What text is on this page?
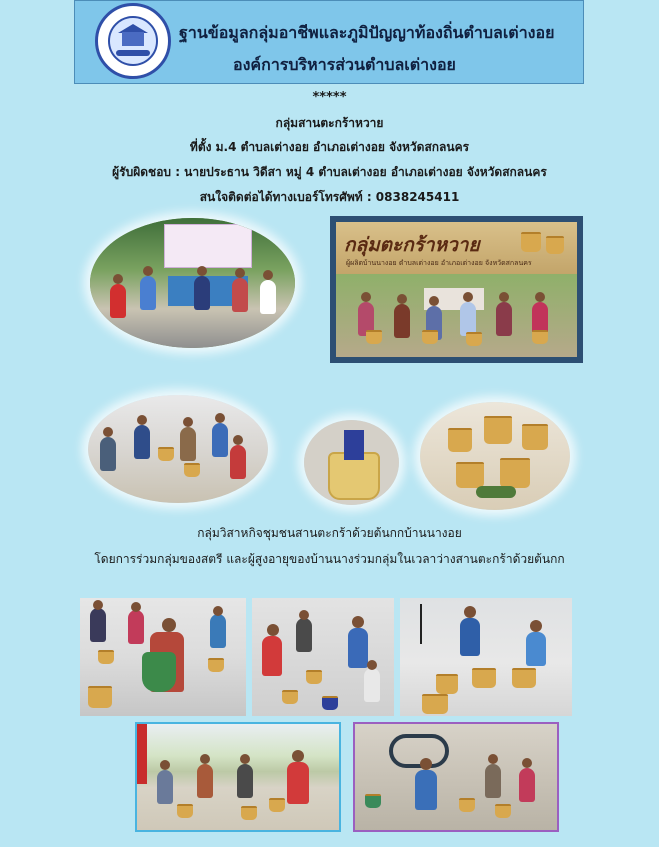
ฐานข้อมูลกลุ่มอาชีพและภูมิปัญญาท้องถิ่นตำบลเต่างอย
องค์การบริหารส่วนตำบลเต่างอย
*****
กลุ่มสานตะกร้าหวาย
ที่ตั้ง ม.4 ตำบลเต่างอย อำเภอเต่างอย จังหวัดสกลนคร
ผู้รับผิดชอบ : นายประธาน วิดีสา หมู่ 4 ตำบลเต่างอย อำเภอเต่างอย จังหวัดสกลนคร
สนใจติดต่อได้ทางเบอร์โทรศัพท์ : 0838245411
กลุ่มตะกร้าหวาย
ผู้ผลิตบ้านนางอย ตำบลเต่างอย อำเภอเต่างอย จังหวัดสกลนคร
กลุ่มวิสาหกิจชุมชนสานตะกร้าด้วยต้นกกบ้านนางอย
โดยการร่วมกลุ่มของสตรี และผู้สูงอายุของบ้านนางร่วมกลุ่มในเวลาว่างสานตะกร้าด้วยต้นกก
